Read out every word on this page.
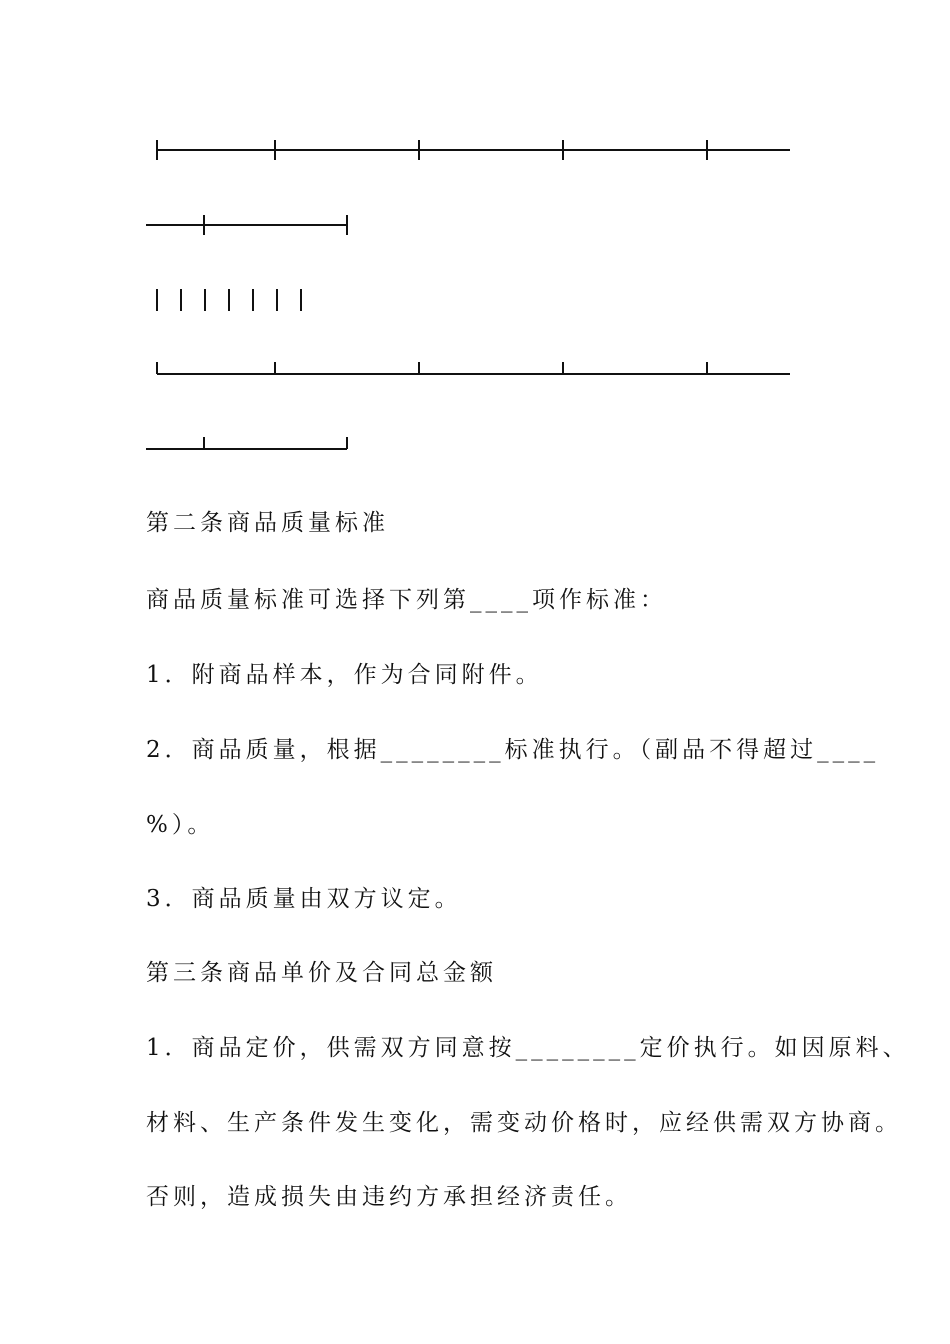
第二条商品质量标准
商品质量标准可选择下列第____项作标准：
1．附商品样本，作为合同附件。
2．商品质量，根据________标准执行。（副品不得超过____
%）。
3．商品质量由双方议定。
第三条商品单价及合同总金额
1．商品定价，供需双方同意按________定价执行。如因原料、
材料、生产条件发生变化，需变动价格时，应经供需双方协商。
否则，造成损失由违约方承担经济责任。
